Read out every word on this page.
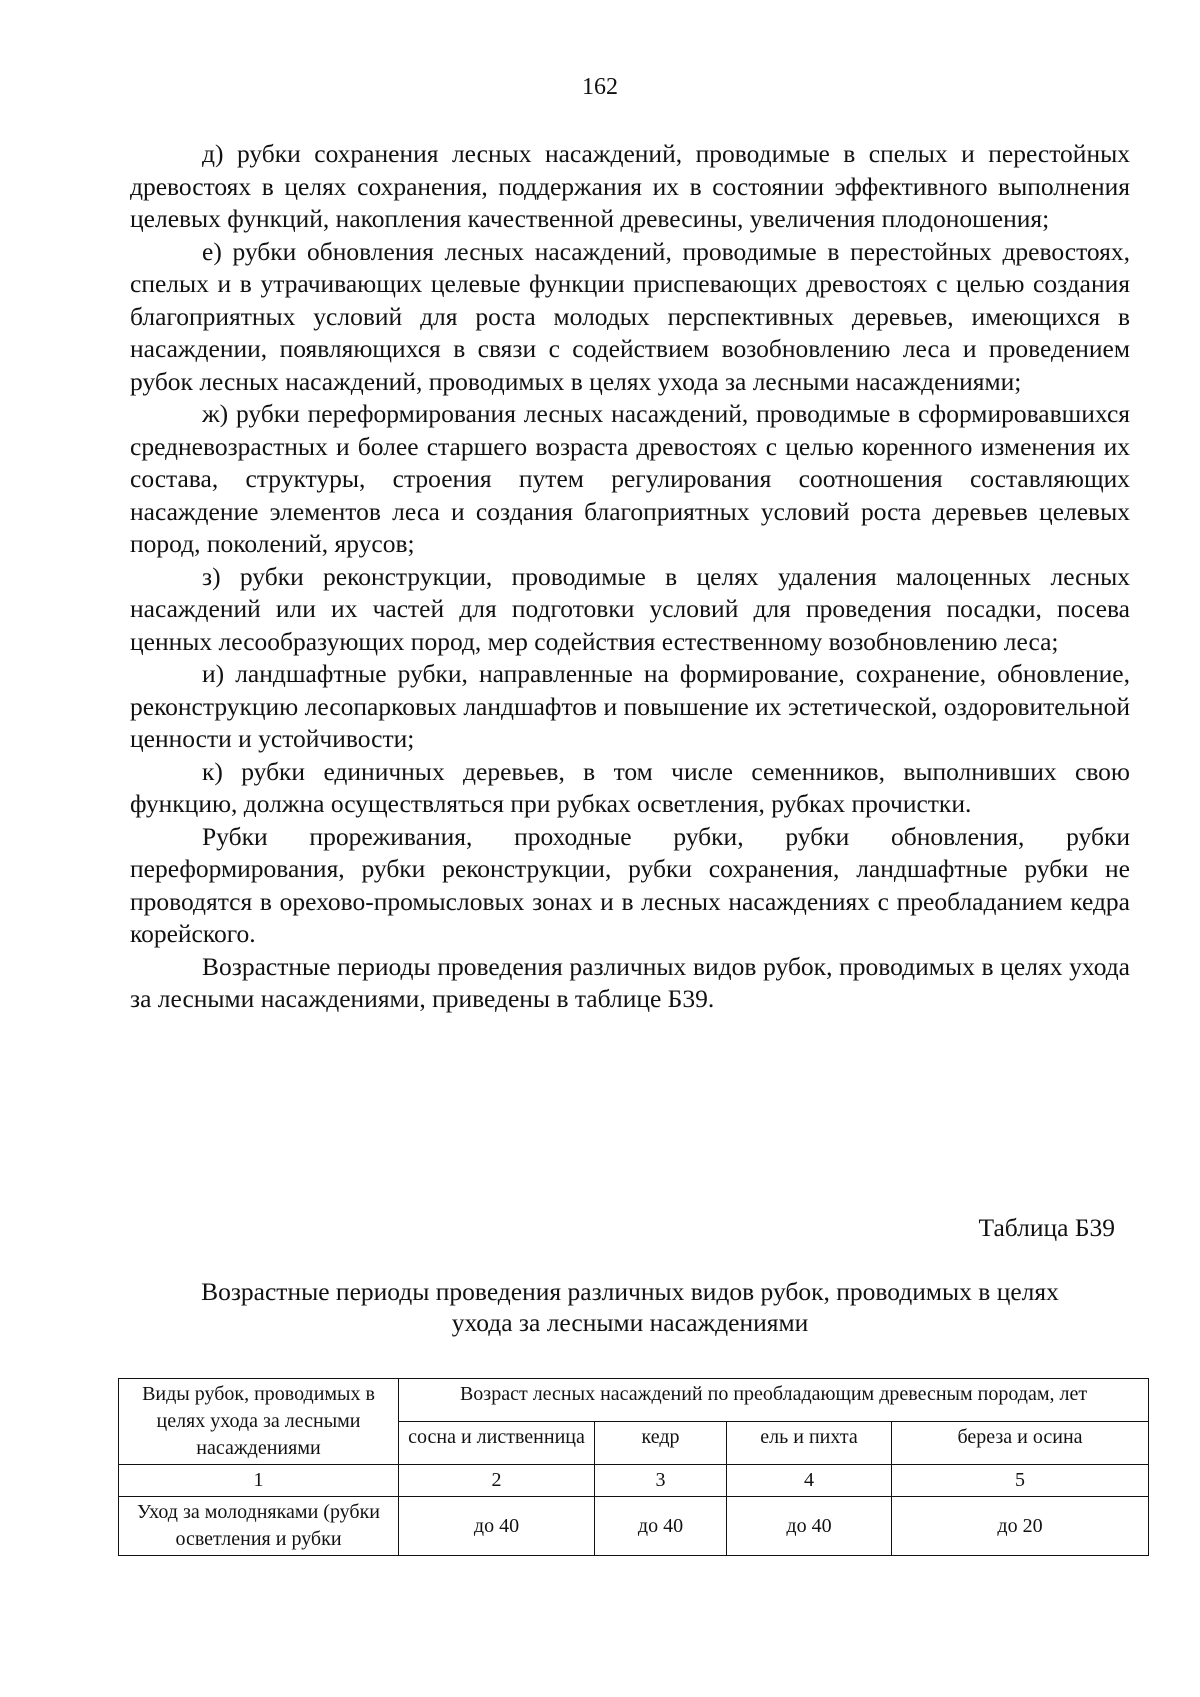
162

д) рубки сохранения лесных насаждений, проводимые в спелых и перестойных древостоях в целях сохранения, поддержания их в состоянии эффективного выполнения целевых функций, накопления качественной древесины, увеличения плодоношения;

е) рубки обновления лесных насаждений, проводимые в перестойных древостоях, спелых и в утрачивающих целевые функции приспевающих древостоях с целью создания благоприятных условий для роста молодых перспективных деревьев, имеющихся в насаждении, появляющихся в связи с содействием возобновлению леса и проведением рубок лесных насаждений, проводимых в целях ухода за лесными насаждениями;

ж) рубки переформирования лесных насаждений, проводимые в сформировавшихся средневозрастных и более старшего возраста древостоях с целью коренного изменения их состава, структуры, строения путем регулирования соотношения составляющих насаждение элементов леса и создания благоприятных условий роста деревьев целевых пород, поколений, ярусов;

з) рубки реконструкции, проводимые в целях удаления малоценных лесных насаждений или их частей для подготовки условий для проведения посадки, посева ценных лесообразующих пород, мер содействия естественному возобновлению леса;

и) ландшафтные рубки, направленные на формирование, сохранение, обновление, реконструкцию лесопарковых ландшафтов и повышение их эстетической, оздоровительной ценности и устойчивости;

к) рубки единичных деревьев, в том числе семенников, выполнивших свою функцию, должна осуществляться при рубках осветления, рубках прочистки.

Рубки прореживания, проходные рубки, рубки обновления, рубки переформирования, рубки реконструкции, рубки сохранения, ландшафтные рубки не проводятся в орехово-промысловых зонах и в лесных насаждениях с преобладанием кедра корейского.

Возрастные периоды проведения различных видов рубок, проводимых в целях ухода за лесными насаждениями, приведены в таблице Б39.

Таблица Б39
Возрастные периоды проведения различных видов рубок, проводимых в целях
ухода за лесными насаждениями
Виды рубок, проводимых в целях ухода за лесными насаждениями	Возраст лесных насаждений по преобладающим древесным породам, лет			
	сосна и лиственница	кедр	ель и пихта	береза и осина
1	2	3	4	5
Уход за молодняками (рубки осветления и рубки	до 40	до 40	до 40	до 20
